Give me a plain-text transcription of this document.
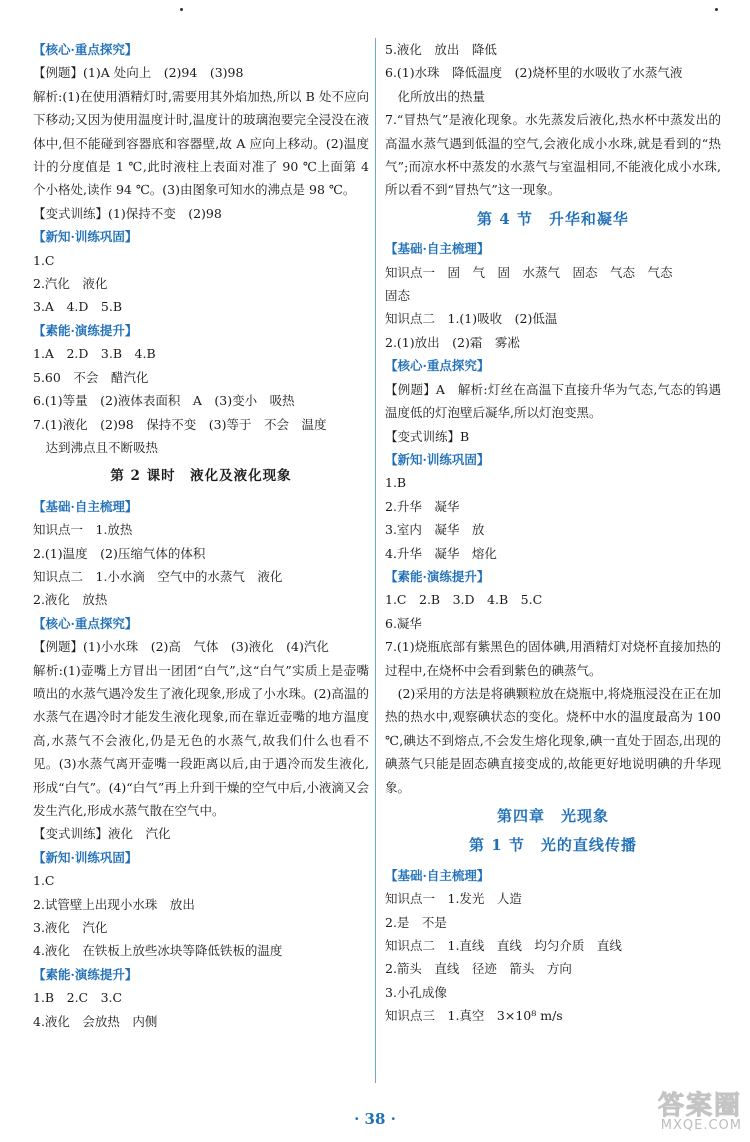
【核心·重点探究】
【例题】(1)A 处向上　(2)94　(3)98
解析:(1)在使用酒精灯时,需要用其外焰加热,所以 B 处不应向下移动;又因为使用温度计时,温度计的玻璃泡要完全浸没在液体中,但不能碰到容器底和容器壁,故 A 应向上移动。(2)温度计的分度值是 1 ℃,此时液柱上表面对准了 90 ℃上面第 4 个小格处,读作 94 ℃。(3)由图象可知水的沸点是 98 ℃。
【变式训练】(1)保持不变　(2)98
【新知·训练巩固】
1.C
2.汽化　液化
3.A　4.D　5.B
【素能·演练提升】
1.A　2.D　3.B　4.B
5.60　不会　醋汽化
6.(1)等量　(2)液体表面积　A　(3)变小　吸热
7.(1)液化　(2)98　保持不变　(3)等于　不会　温度
　达到沸点且不断吸热
第 2 课时　液化及液化现象
【基础·自主梳理】
知识点一　1.放热
2.(1)温度　(2)压缩气体的体积
知识点二　1.小水滴　空气中的水蒸气　液化
2.液化　放热
【核心·重点探究】
【例题】(1)小水珠　(2)高　气体　(3)液化　(4)汽化
解析:(1)壶嘴上方冒出一团团“白气”,这“白气”实质上是壶嘴喷出的水蒸气遇冷发生了液化现象,形成了小水珠。(2)高温的水蒸气在遇冷时才能发生液化现象,而在靠近壶嘴的地方温度高,水蒸气不会液化,仍是无色的水蒸气,故我们什么也看不见。(3)水蒸气离开壶嘴一段距离以后,由于遇冷而发生液化,形成“白气”。(4)“白气”再上升到干燥的空气中后,小液滴又会发生汽化,形成水蒸气散在空气中。
【变式训练】液化　汽化
【新知·训练巩固】
1.C
2.试管壁上出现小水珠　放出
3.液化　汽化
4.液化　在铁板上放些冰块等降低铁板的温度
【素能·演练提升】
1.B　2.C　3.C
4.液化　会放热　内侧
5.液化　放出　降低
6.(1)水珠　降低温度　(2)烧杯里的水吸收了水蒸气液
　化所放出的热量
7.“冒热气”是液化现象。水先蒸发后液化,热水杯中蒸发出的高温水蒸气遇到低温的空气,会液化成小水珠,就是看到的“热气”;而凉水杯中蒸发的水蒸气与室温相同,不能液化成小水珠,所以看不到“冒热气”这一现象。
第 4 节　升华和凝华
【基础·自主梳理】
知识点一　固　气　固　水蒸气　固态　气态　气态
固态
知识点二　1.(1)吸收　(2)低温
2.(1)放出　(2)霜　雾凇
【核心·重点探究】
【例题】A　解析:灯丝在高温下直接升华为气态,气态的钨遇温度低的灯泡壁后凝华,所以灯泡变黑。
【变式训练】B
【新知·训练巩固】
1.B
2.升华　凝华
3.室内　凝华　放
4.升华　凝华　熔化
【素能·演练提升】
1.C　2.B　3.D　4.B　5.C
6.凝华
7.(1)烧瓶底部有紫黑色的固体碘,用酒精灯对烧杯直接加热的过程中,在烧杯中会看到紫色的碘蒸气。
　(2)采用的方法是将碘颗粒放在烧瓶中,将烧瓶浸没在正在加热的热水中,观察碘状态的变化。烧杯中水的温度最高为 100 ℃,碘达不到熔点,不会发生熔化现象,碘一直处于固态,出现的碘蒸气只能是固态碘直接变成的,故能更好地说明碘的升华现象。
第四章　光现象
第 1 节　光的直线传播
【基础·自主梳理】
知识点一　1.发光　人造
2.是　不是
知识点二　1.直线　直线　均匀介质　直线
2.箭头　直线　径迹　箭头　方向
3.小孔成像
知识点三　1.真空　3×10⁸ m/s
· 38 ·	答案圈
MXQE.COM
